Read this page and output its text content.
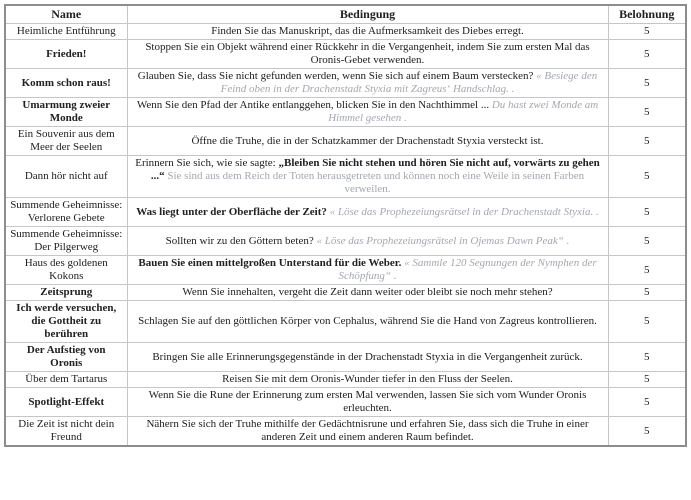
Name	Bedingung	Belohnung
Heimliche Entführung	Finden Sie das Manuskript, das die Aufmerksamkeit des Diebes erregt.	5
Frieden!	Stoppen Sie ein Objekt während einer Rückkehr in die Vergangenheit, indem Sie zum ersten Mal das Oronis-Gebet verwenden.	5
Komm schon raus!	Glauben Sie, dass Sie nicht gefunden werden, wenn Sie sich auf einem Baum verstecken? « Besiege den Feind oben in der Drachenstadt Styxia mit Zagreus‘ Handschlag. .	5
Umarmung zweier Monde	Wenn Sie den Pfad der Antike entlanggehen, blicken Sie in den Nachthimmel ... Du hast zwei Monde am Himmel gesehen .	5
Ein Souvenir aus dem Meer der Seelen	Öffne die Truhe, die in der Schatzkammer der Drachenstadt Styxia versteckt ist.	5
Dann hör nicht auf	Erinnern Sie sich, wie sie sagte: „Bleiben Sie nicht stehen und hören Sie nicht auf, vorwärts zu gehen ...“ Sie sind aus dem Reich der Toten herausgetreten und können noch eine Weile in seinen Farben verweilen.	5
Summende Geheimnisse: Verlorene Gebete	Was liegt unter der Oberfläche der Zeit? « Löse das Prophezeiungsrätsel in der Drachenstadt Styxia. .	5
Summende Geheimnisse: Der Pilgerweg	Sollten wir zu den Göttern beten? « Löse das Prophezeiungsrätsel in Ojemas Dawn Peak“ .	5
Haus des goldenen Kokons	Bauen Sie einen mittelgroßen Unterstand für die Weber. « Sammle 120 Segnungen der Nymphen der Schöpfung“ .	5
Zeitsprung	Wenn Sie innehalten, vergeht die Zeit dann weiter oder bleibt sie noch mehr stehen?	5
Ich werde versuchen, die Gottheit zu berühren	Schlagen Sie auf den göttlichen Körper von Cephalus, während Sie die Hand von Zagreus kontrollieren.	5
Der Aufstieg von Oronis	Bringen Sie alle Erinnerungsgegenstände in der Drachenstadt Styxia in die Vergangenheit zurück.	5
Über dem Tartarus	Reisen Sie mit dem Oronis-Wunder tiefer in den Fluss der Seelen.	5
Spotlight-Effekt	Wenn Sie die Rune der Erinnerung zum ersten Mal verwenden, lassen Sie sich vom Wunder Oronis erleuchten.	5
Die Zeit ist nicht dein Freund	Nähern Sie sich der Truhe mithilfe der Gedächtnisrune und erfahren Sie, dass sich die Truhe in einer anderen Zeit und einem anderen Raum befindet.	5
